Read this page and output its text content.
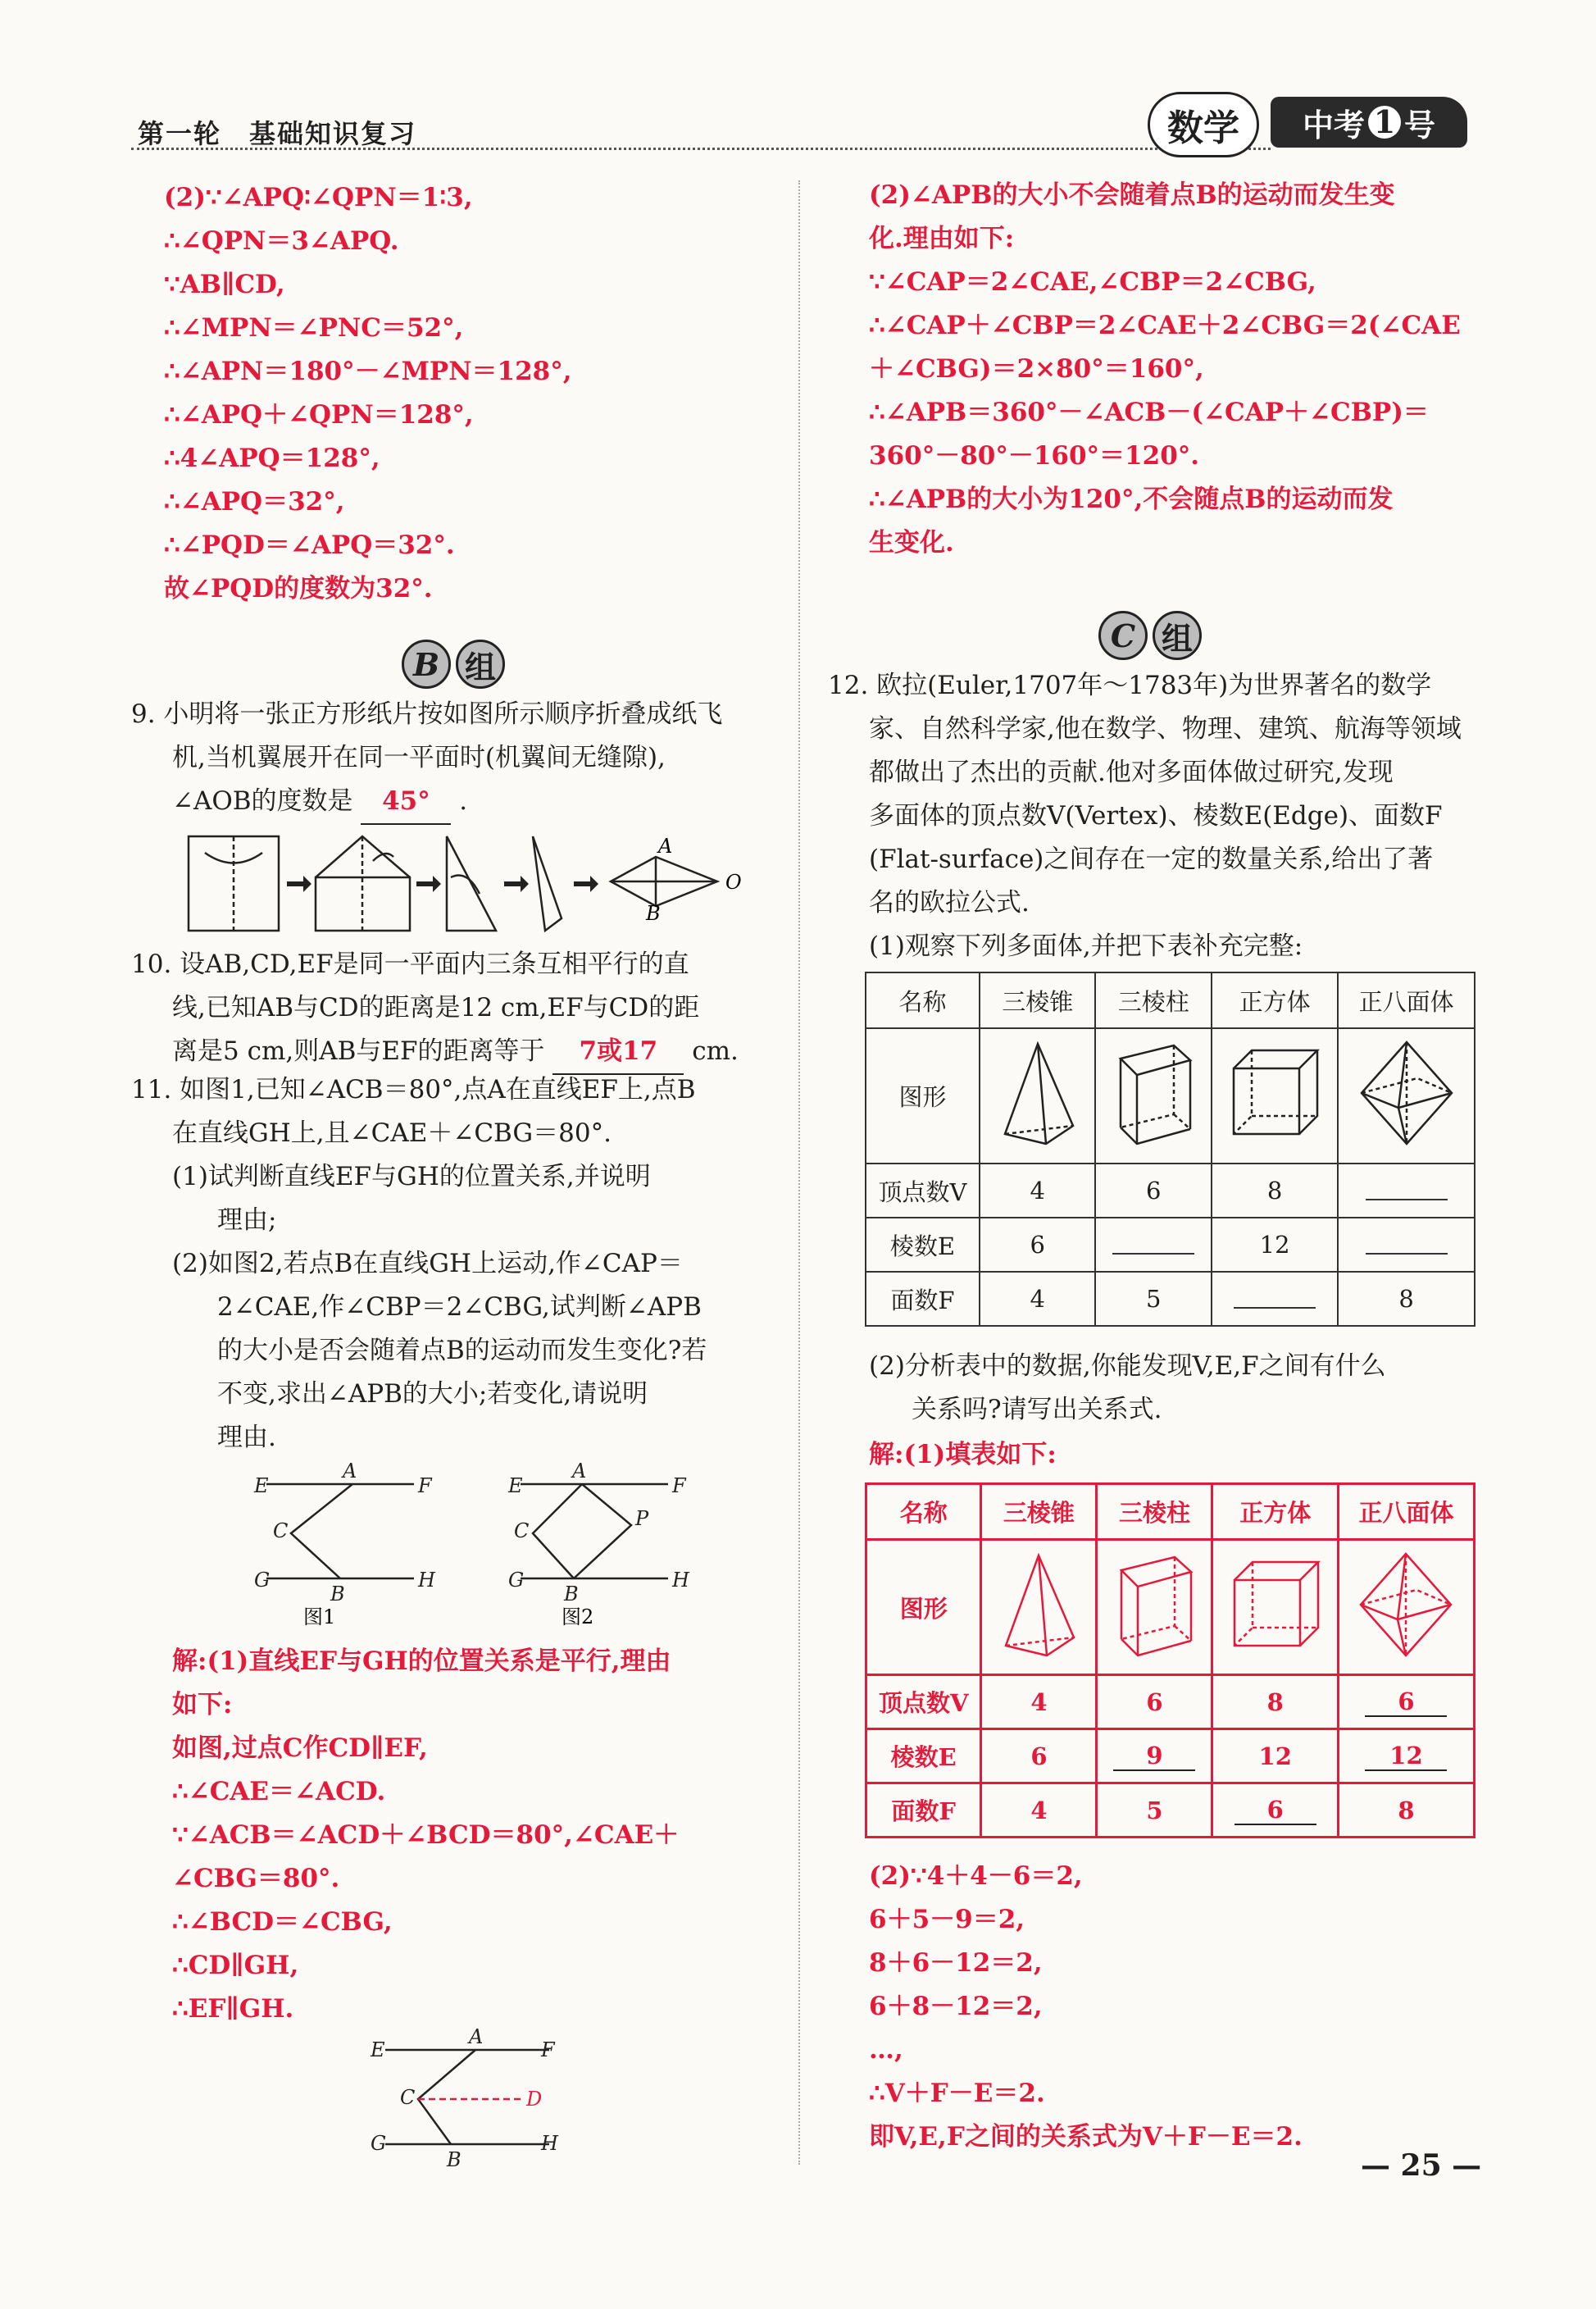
第一轮　基础知识复习	数学	中考 1 号
(2)∵∠APQ∶∠QPN＝1∶3,
∴∠QPN＝3∠APQ.
∵AB∥CD,
∴∠MPN＝∠PNC＝52°,
∴∠APN＝180°－∠MPN＝128°,
∴∠APQ＋∠QPN＝128°,
∴4∠APQ＝128°,
∴∠APQ＝32°,
∴∠PQD＝∠APQ＝32°.
故∠PQD的度数为32°.
B 组
9. 小明将一张正方形纸片按如图所示顺序折叠成纸飞
机,当机翼展开在同一平面时(机翼间无缝隙),
∠AOB的度数是 45° .
A
B
O
10. 设AB,CD,EF是同一平面内三条互相平行的直
线,已知AB与CD的距离是12 cm,EF与CD的距
离是5 cm,则AB与EF的距离等于 7或17 cm.
11. 如图1,已知∠ACB＝80°,点A在直线EF上,点B
在直线GH上,且∠CAE＋∠CBG＝80°.
(1)试判断直线EF与GH的位置关系,并说明
理由;
(2)如图2,若点B在直线GH上运动,作∠CAP＝
2∠CAE,作∠CBP＝2∠CBG,试判断∠APB
的大小是否会随着点B的运动而发生变化?若
不变,求出∠APB的大小;若变化,请说明
理由.
E
A
F
C
G
B
H
E
A
F
C
P
G
B
H
图1	图2
解:(1)直线EF与GH的位置关系是平行,理由
如下:
如图,过点C作CD∥EF,
∴∠CAE＝∠ACD.
∵∠ACB＝∠ACD＋∠BCD＝80°,∠CAE＋
∠CBG＝80°.
∴∠BCD＝∠CBG,
∴CD∥GH,
∴EF∥GH.
E
A
F
C
G
B
H
D
(2)∠APB的大小不会随着点B的运动而发生变
化.理由如下:
∵∠CAP＝2∠CAE,∠CBP＝2∠CBG,
∴∠CAP＋∠CBP＝2∠CAE＋2∠CBG＝2(∠CAE
＋∠CBG)＝2×80°＝160°,
∴∠APB＝360°－∠ACB－(∠CAP＋∠CBP)＝
360°－80°－160°＝120°.
∴∠APB的大小为120°,不会随点B的运动而发
生变化.
C 组
12. 欧拉(Euler,1707年～1783年)为世界著名的数学
家、自然科学家,他在数学、物理、建筑、航海等领域
都做出了杰出的贡献.他对多面体做过研究,发现
多面体的顶点数V(Vertex)、棱数E(Edge)、面数F
(Flat-surface)之间存在一定的数量关系,给出了著
名的欧拉公式.
(1)观察下列多面体,并把下表补充完整:
名称	三棱锥	三棱柱	正方体	正八面体
图形				
顶点数V	4	6	8	
棱数E	6		12	
面数F	4	5		8
(2)分析表中的数据,你能发现V,E,F之间有什么
关系吗?请写出关系式.
解:(1)填表如下:
名称	三棱锥	三棱柱	正方体	正八面体
图形				
顶点数V	4	6	8	6
棱数E	6	9	12	12
面数F	4	5	6	8
(2)∵4＋4－6＝2,
6＋5－9＝2,
8＋6－12＝2,
6＋8－12＝2,
…,
∴V＋F－E＝2.
即V,E,F之间的关系式为V＋F－E＝2.
— 25 —
